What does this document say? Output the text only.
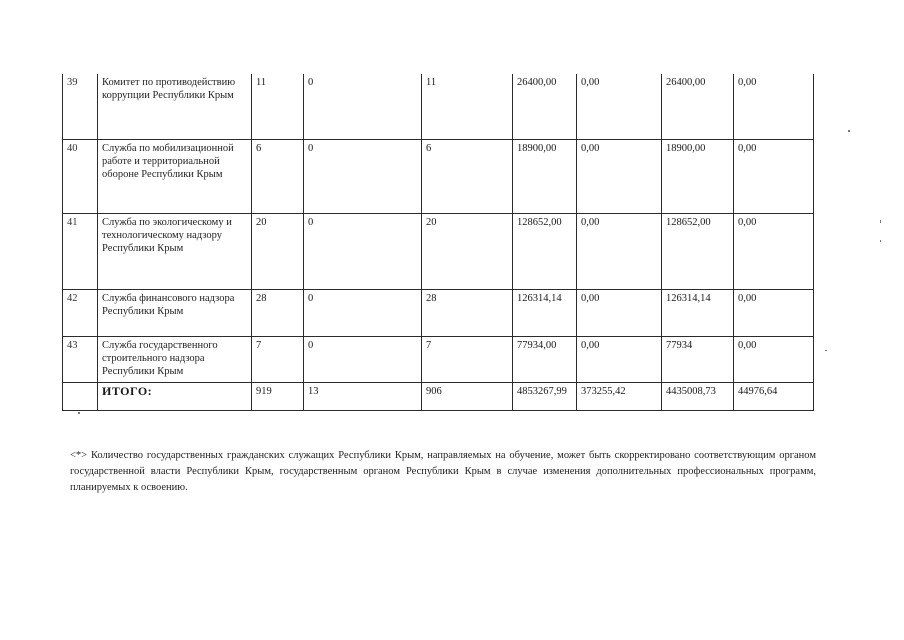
39	Комитет по противодействию коррупции Республики Крым	11	0	11	26400,00	0,00	26400,00	0,00
40	Служба по мобилизационной работе и территориальной обороне Республики Крым	6	0	6	18900,00	0,00	18900,00	0,00
41	Служба по экологическому и технологическому надзору Республики Крым	20	0	20	128652,00	0,00	128652,00	0,00
42	Служба финансового надзора Республики Крым	28	0	28	126314,14	0,00	126314,14	0,00
43	Служба государственного строительного надзора Республики Крым	7	0	7	77934,00	0,00	77934	0,00
	ИТОГО:	919	13	906	4853267,99	373255,42	4435008,73	44976,64

<*> Количество государственных гражданских служащих Республики Крым, направляемых на обучение, может быть скорректировано соответствующим органом государственной власти Республики Крым, государственным органом Республики Крым в случае изменения дополнительных профессиональных программ, планируемых к освоению.
